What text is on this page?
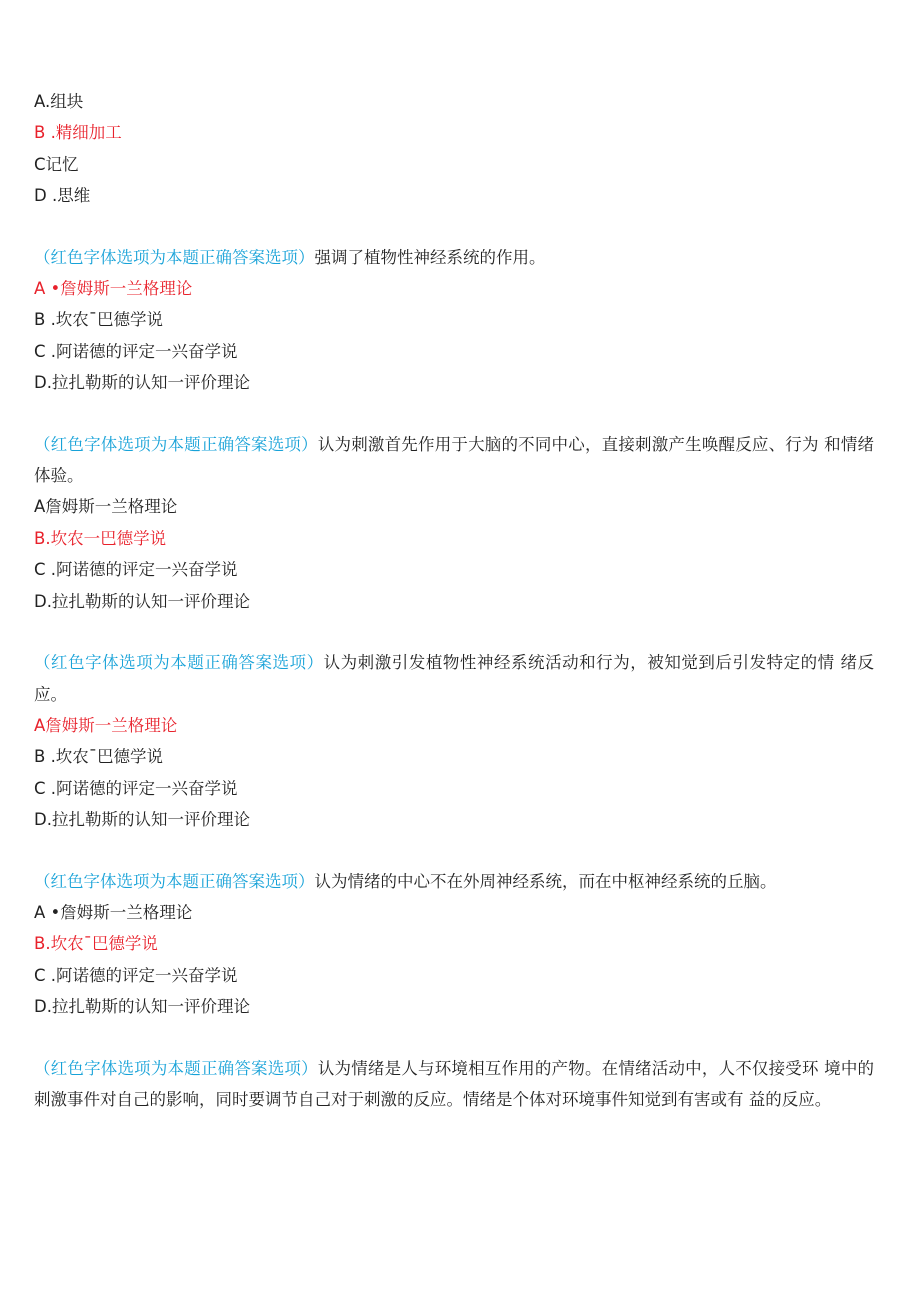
A.组块
B .精细加工
C记忆
D .思维
（红色字体选项为本题正确答案选项）强调了植物性神经系统的作用。
A •詹姆斯一兰格理论
B .坎农¯巴德学说
C .阿诺德的评定一兴奋学说
D.拉扎勒斯的认知一评价理论
（红色字体选项为本题正确答案选项）认为刺激首先作用于大脑的不同中心，直接刺激产生唤醒反应、行为 和情绪体验。
A詹姆斯一兰格理论
B.坎农一巴德学说
C .阿诺德的评定一兴奋学说
D.拉扎勒斯的认知一评价理论
（红色字体选项为本题正确答案选项）认为刺激引发植物性神经系统活动和行为，被知觉到后引发特定的情 绪反应。
A詹姆斯一兰格理论
B .坎农¯巴德学说
C .阿诺德的评定一兴奋学说
D.拉扎勒斯的认知一评价理论
（红色字体选项为本题正确答案选项）认为情绪的中心不在外周神经系统，而在中枢神经系统的丘脑。
A •詹姆斯一兰格理论
B.坎农¯巴德学说
C .阿诺德的评定一兴奋学说
D.拉扎勒斯的认知一评价理论
（红色字体选项为本题正确答案选项）认为情绪是人与环境相互作用的产物。在情绪活动中，人不仅接受环 境中的刺激事件对自己的影响，同时要调节自己对于刺激的反应。情绪是个体对环境事件知觉到有害或有 益的反应。
